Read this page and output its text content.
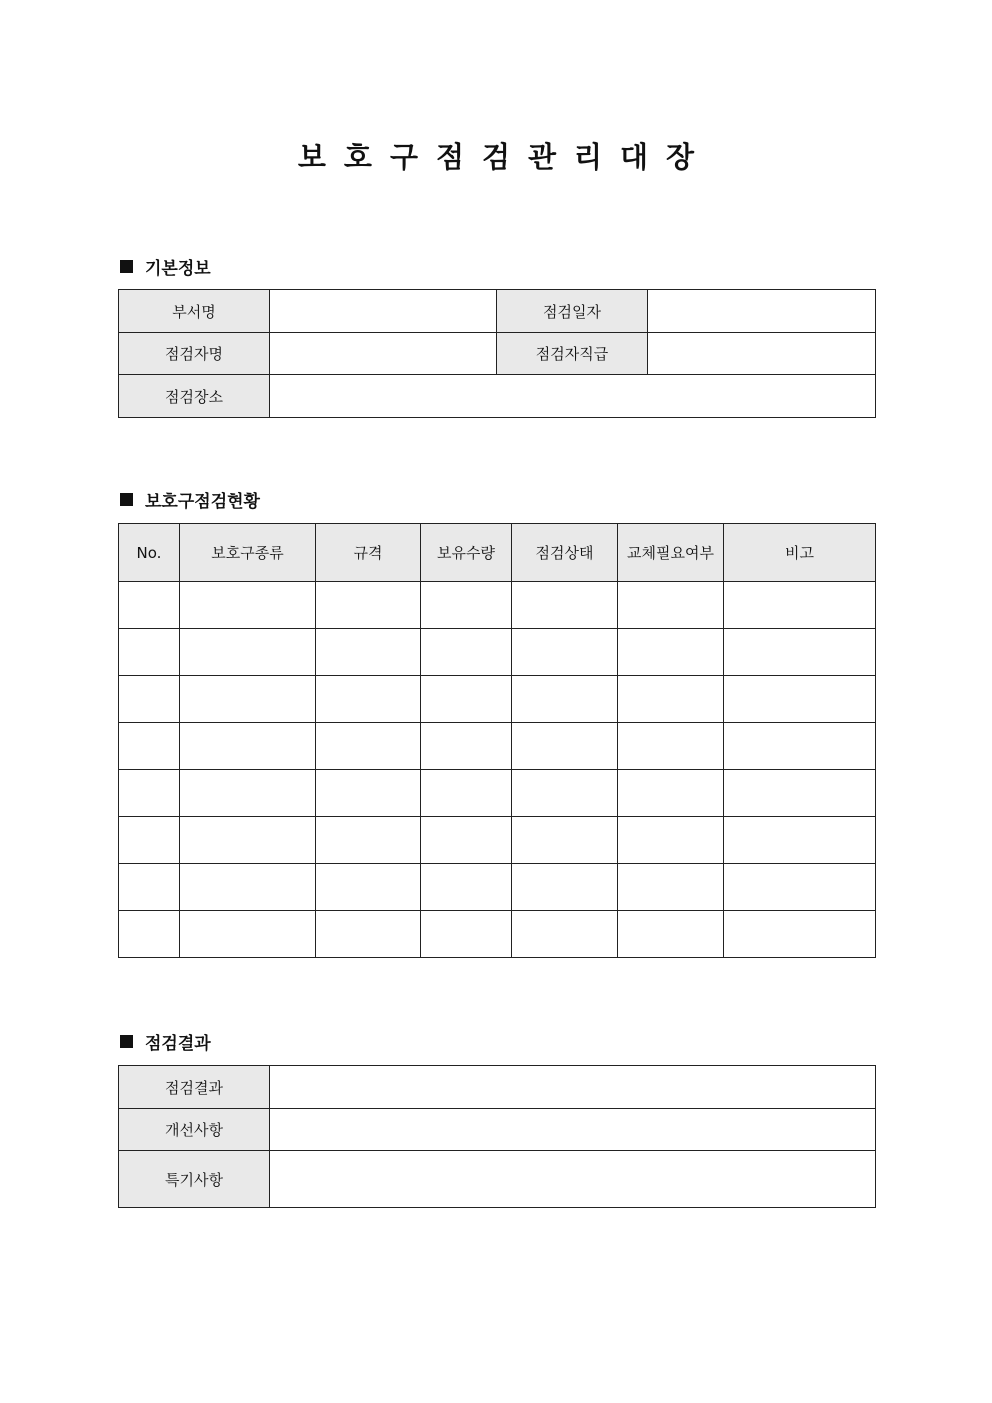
보호구점검관리대장
기본정보
부서명		점검일자	
점검자명		점검자직급	
점검장소			
보호구점검현황
No.	보호구종류	규격	보유수량	점검상태	교체필요여부	비고

점검결과
점검결과	
개선사항	
특기사항	
